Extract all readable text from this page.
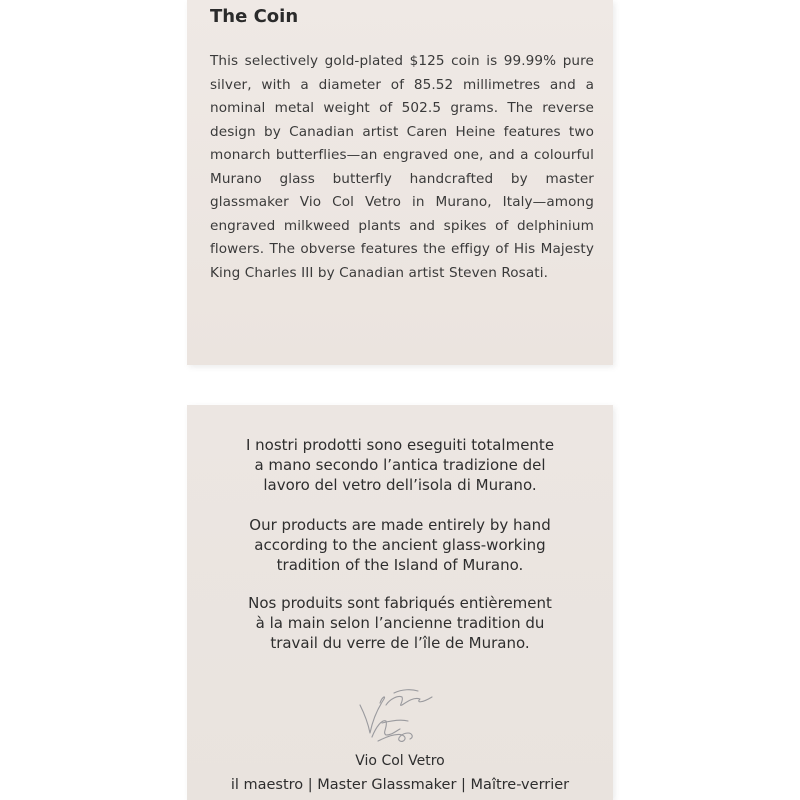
The Coin
This selectively gold-plated $125 coin is 99.99% pure silver, with a diameter of 85.52 millimetres and a nominal metal weight of 502.5 grams. The reverse design by Canadian artist Caren Heine features two monarch butterflies—an engraved one, and a colourful Murano glass butterfly handcrafted by master glassmaker Vio Col Vetro in Murano, Italy—among engraved milkweed plants and spikes of delphinium flowers. The obverse features the effigy of His Majesty King Charles III by Canadian artist Steven Rosati.
I nostri prodotti sono eseguiti totalmente
a mano secondo l’antica tradizione del
lavoro del vetro dell’isola di Murano.
Our products are made entirely by hand
according to the ancient glass-working
tradition of the Island of Murano.
Nos produits sont fabriqués entièrement
à la main selon l’ancienne tradition du
travail du verre de l’île de Murano.
Vio Col Vetro
il maestro | Master Glassmaker | Maître-verrier
